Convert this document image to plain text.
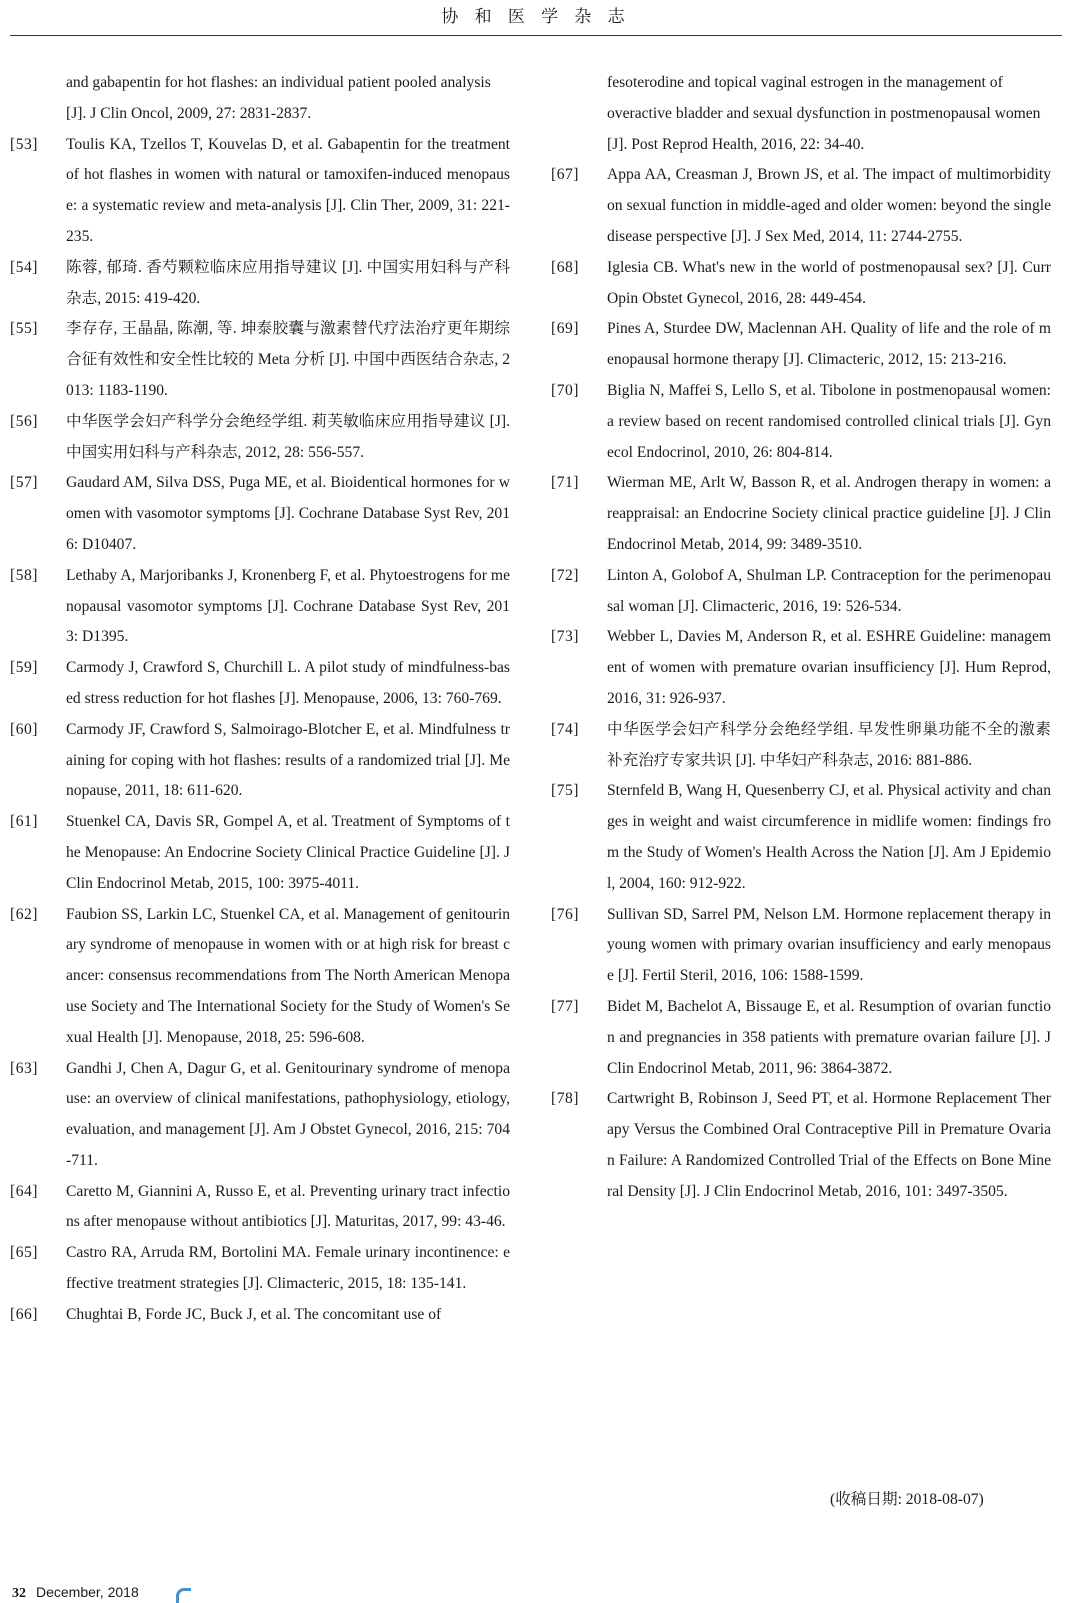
协 和 医 学 杂 志

and gabapentin for hot flashes: an individual patient pooled analysis [J]. J Clin Oncol, 2009, 27: 2831-2837.

[53]	Toulis KA, Tzellos T, Kouvelas D, et al. Gabapentin for the treatment of hot flashes in women with natural or tamoxifen-induced menopause: a systematic review and meta-analysis [J]. Clin Ther, 2009, 31: 221-235.
[54]	陈蓉, 郁琦. 香芍颗粒临床应用指导建议 [J]. 中国实用妇科与产科杂志, 2015: 419-420.
[55]	李存存, 王晶晶, 陈潮, 等. 坤泰胶囊与激素替代疗法治疗更年期综合征有效性和安全性比较的 Meta 分析 [J]. 中国中西医结合杂志, 2013: 1183-1190.
[56]	中华医学会妇产科学分会绝经学组. 莉芙敏临床应用指导建议 [J]. 中国实用妇科与产科杂志, 2012, 28: 556-557.
[57]	Gaudard AM, Silva DSS, Puga ME, et al. Bioidentical hormones for women with vasomotor symptoms [J]. Cochrane Database Syst Rev, 2016: D10407.
[58]	Lethaby A, Marjoribanks J, Kronenberg F, et al. Phytoestrogens for menopausal vasomotor symptoms [J]. Cochrane Database Syst Rev, 2013: D1395.
[59]	Carmody J, Crawford S, Churchill L. A pilot study of mindfulness-based stress reduction for hot flashes [J]. Menopause, 2006, 13: 760-769.
[60]	Carmody JF, Crawford S, Salmoirago-Blotcher E, et al. Mindfulness training for coping with hot flashes: results of a randomized trial [J]. Menopause, 2011, 18: 611-620.
[61]	Stuenkel CA, Davis SR, Gompel A, et al. Treatment of Symptoms of the Menopause: An Endocrine Society Clinical Practice Guideline [J]. J Clin Endocrinol Metab, 2015, 100: 3975-4011.
[62]	Faubion SS, Larkin LC, Stuenkel CA, et al. Management of genitourinary syndrome of menopause in women with or at high risk for breast cancer: consensus recommendations from The North American Menopause Society and The International Society for the Study of Women's Sexual Health [J]. Menopause, 2018, 25: 596-608.
[63]	Gandhi J, Chen A, Dagur G, et al. Genitourinary syndrome of menopause: an overview of clinical manifestations, pathophysiology, etiology, evaluation, and management [J]. Am J Obstet Gynecol, 2016, 215: 704-711.
[64]	Caretto M, Giannini A, Russo E, et al. Preventing urinary tract infections after menopause without antibiotics [J]. Maturitas, 2017, 99: 43-46.
[65]	Castro RA, Arruda RM, Bortolini MA. Female urinary incontinence: effective treatment strategies [J]. Climacteric, 2015, 18: 135-141.
[66]	Chughtai B, Forde JC, Buck J, et al. The concomitant use of

fesoterodine and topical vaginal estrogen in the management of overactive bladder and sexual dysfunction in postmenopausal women [J]. Post Reprod Health, 2016, 22: 34-40.

[67]	Appa AA, Creasman J, Brown JS, et al. The impact of multimorbidity on sexual function in middle-aged and older women: beyond the single disease perspective [J]. J Sex Med, 2014, 11: 2744-2755.
[68]	Iglesia CB. What's new in the world of postmenopausal sex? [J]. Curr Opin Obstet Gynecol, 2016, 28: 449-454.
[69]	Pines A, Sturdee DW, Maclennan AH. Quality of life and the role of menopausal hormone therapy [J]. Climacteric, 2012, 15: 213-216.
[70]	Biglia N, Maffei S, Lello S, et al. Tibolone in postmenopausal women: a review based on recent randomised controlled clinical trials [J]. Gynecol Endocrinol, 2010, 26: 804-814.
[71]	Wierman ME, Arlt W, Basson R, et al. Androgen therapy in women: a reappraisal: an Endocrine Society clinical practice guideline [J]. J Clin Endocrinol Metab, 2014, 99: 3489-3510.
[72]	Linton A, Golobof A, Shulman LP. Contraception for the perimenopausal woman [J]. Climacteric, 2016, 19: 526-534.
[73]	Webber L, Davies M, Anderson R, et al. ESHRE Guideline: management of women with premature ovarian insufficiency [J]. Hum Reprod, 2016, 31: 926-937.
[74]	中华医学会妇产科学分会绝经学组. 早发性卵巢功能不全的激素补充治疗专家共识 [J]. 中华妇产科杂志, 2016: 881-886.
[75]	Sternfeld B, Wang H, Quesenberry CJ, et al. Physical activity and changes in weight and waist circumference in midlife women: findings from the Study of Women's Health Across the Nation [J]. Am J Epidemiol, 2004, 160: 912-922.
[76]	Sullivan SD, Sarrel PM, Nelson LM. Hormone replacement therapy in young women with primary ovarian insufficiency and early menopause [J]. Fertil Steril, 2016, 106: 1588-1599.
[77]	Bidet M, Bachelot A, Bissauge E, et al. Resumption of ovarian function and pregnancies in 358 patients with premature ovarian failure [J]. J Clin Endocrinol Metab, 2011, 96: 3864-3872.
[78]	Cartwright B, Robinson J, Seed PT, et al. Hormone Replacement Therapy Versus the Combined Oral Contraceptive Pill in Premature Ovarian Failure: A Randomized Controlled Trial of the Effects on Bone Mineral Density [J]. J Clin Endocrinol Metab, 2016, 101: 3497-3505.
(收稿日期: 2018-08-07)
32 December, 2018
